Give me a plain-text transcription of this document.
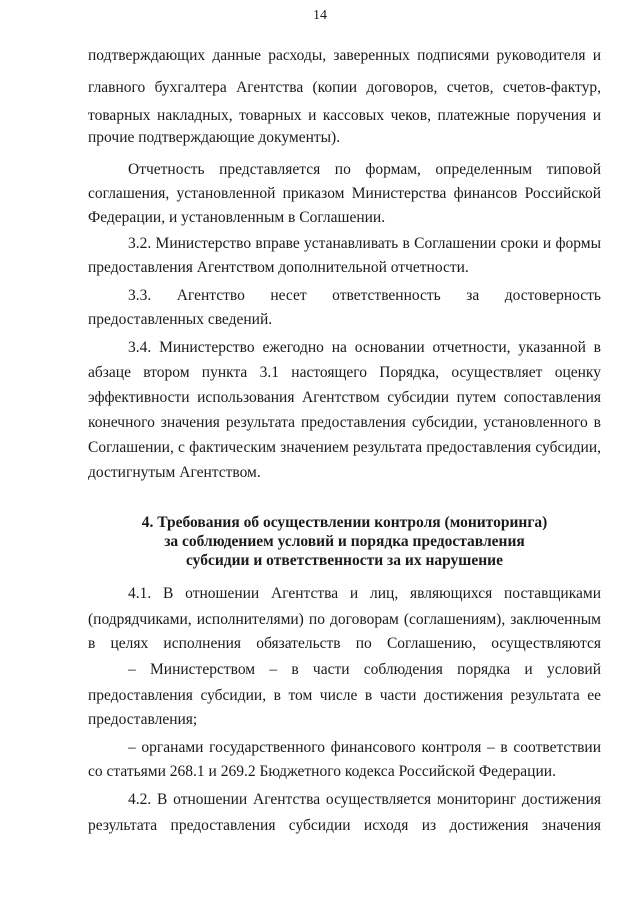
14
подтверждающих данные расходы, заверенных подписями руководителя и
главного бухгалтера Агентства (копии договоров, счетов, счетов-фактур,
товарных накладных, товарных и кассовых чеков, платежные поручения и
прочие подтверждающие документы).
Отчетность представляется по формам, определенным типовой
соглашения, установленной приказом Министерства финансов Российской
Федерации, и установленным в Соглашении.
3.2. Министерство вправе устанавливать в Соглашении сроки и формы
предоставления Агентством дополнительной отчетности.
3.3. Агентство несет ответственность за достоверность
предоставленных сведений.
3.4. Министерство ежегодно на основании отчетности, указанной в
абзаце втором пункта 3.1 настоящего Порядка, осуществляет оценку
эффективности использования Агентством субсидии путем сопоставления
конечного значения результата предоставления субсидии, установленного в
Соглашении, с фактическим значением результата предоставления субсидии,
достигнутым Агентством.
4. Требования об осуществлении контроля (мониторинга)
за соблюдением условий и порядка предоставления
субсидии и ответственности за их нарушение
4.1. В отношении Агентства и лиц, являющихся поставщиками
(подрядчиками, исполнителями) по договорам (соглашениям), заключенным
в целях исполнения обязательств по Соглашению, осуществляются
– Министерством – в части соблюдения порядка и условий
предоставления субсидии, в том числе в части достижения результата ее
предоставления;
– органами государственного финансового контроля – в соответствии
со статьями 268.1 и 269.2 Бюджетного кодекса Российской Федерации.
4.2. В отношении Агентства осуществляется мониторинг достижения
результата предоставления субсидии исходя из достижения значения
